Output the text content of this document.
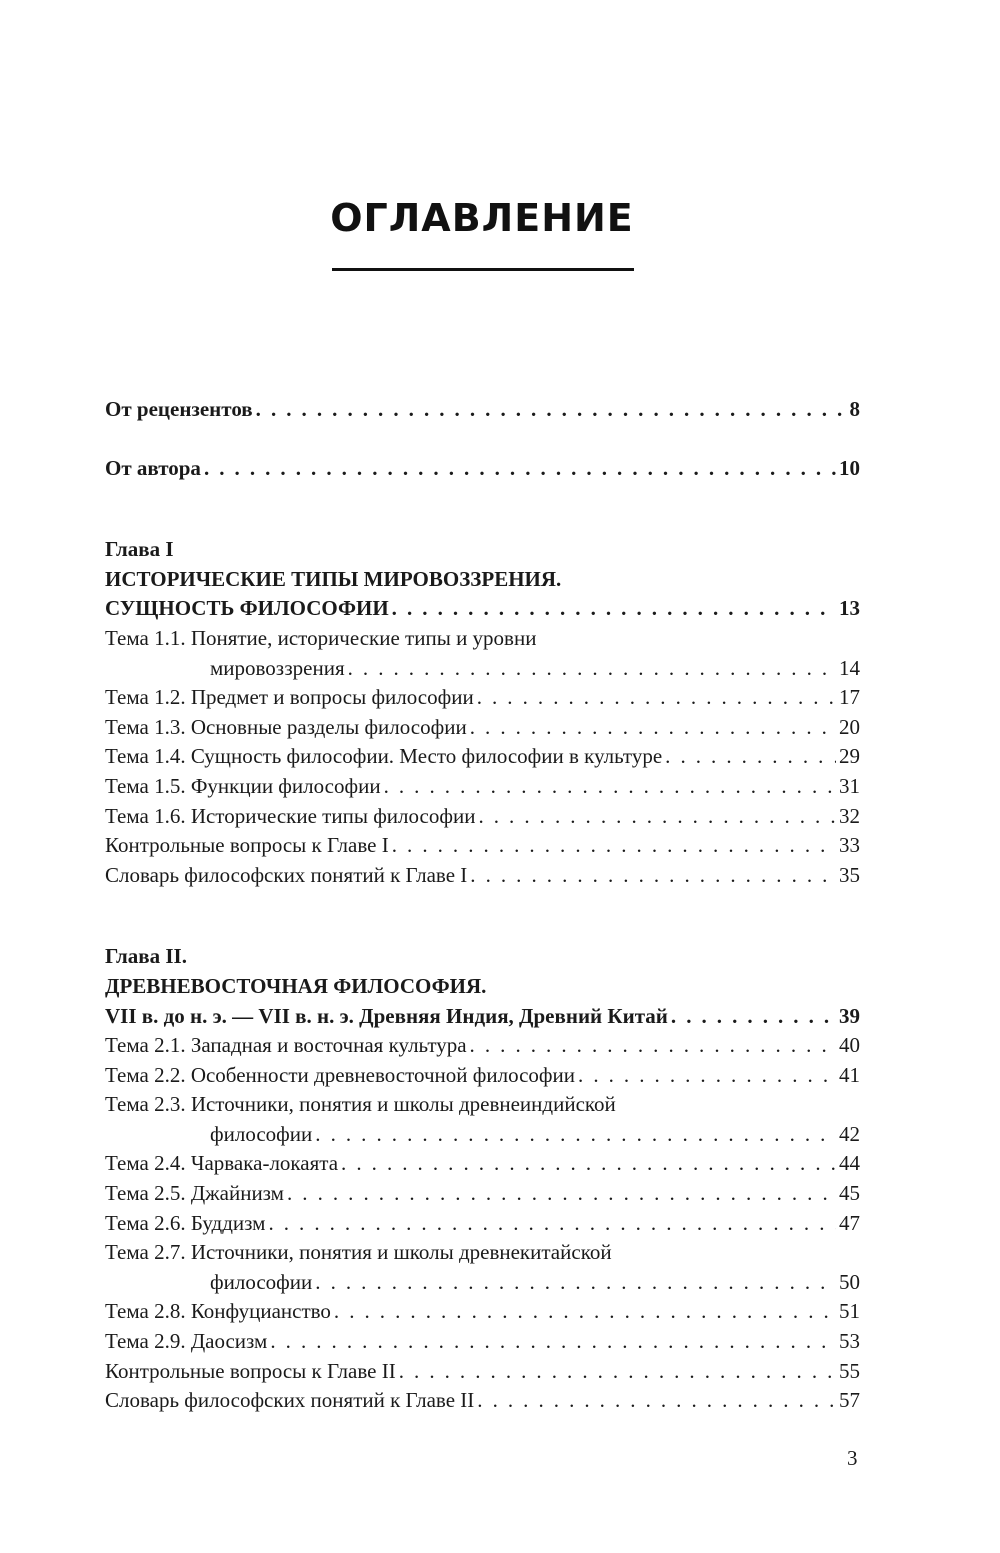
ОГЛАВЛЕНИЕ
От рецензентов . . .	8
От автора . . .	10
Глава I
ИСТОРИЧЕСКИЕ ТИПЫ МИРОВОЗЗРЕНИЯ.
СУЩНОСТЬ ФИЛОСОФИИ . . .	13
Тема 1.1. Понятие, исторические типы и уровни
мировоззрения . . .	14
Тема 1.2. Предмет и вопросы философии . . .	17
Тема 1.3. Основные разделы философии . . .	20
Тема 1.4. Сущность философии. Место философии в культуре . . .	29
Тема 1.5. Функции философии . . .	31
Тема 1.6. Исторические типы философии . . .	32
Контрольные вопросы к Главе I . . .	33
Словарь философских понятий к Главе I . . .	35
Глава II.
ДРЕВНЕВОСТОЧНАЯ ФИЛОСОФИЯ.
VII в. до н. э. — VII в. н. э. Древняя Индия, Древний Китай . . .	39
Тема 2.1. Западная и восточная культура . . .	40
Тема 2.2. Особенности древневосточной философии . . .	41
Тема 2.3. Источники, понятия и школы древнеиндийской
философии . . .	42
Тема 2.4. Чарвака-локаята . . .	44
Тема 2.5. Джайнизм . . .	45
Тема 2.6. Буддизм . . .	47
Тема 2.7. Источники, понятия и школы древнекитайской
философии . . .	50
Тема 2.8. Конфуцианство . . .	51
Тема 2.9. Даосизм . . .	53
Контрольные вопросы к Главе II . . .	55
Словарь философских понятий к Главе II . . .	57
3
